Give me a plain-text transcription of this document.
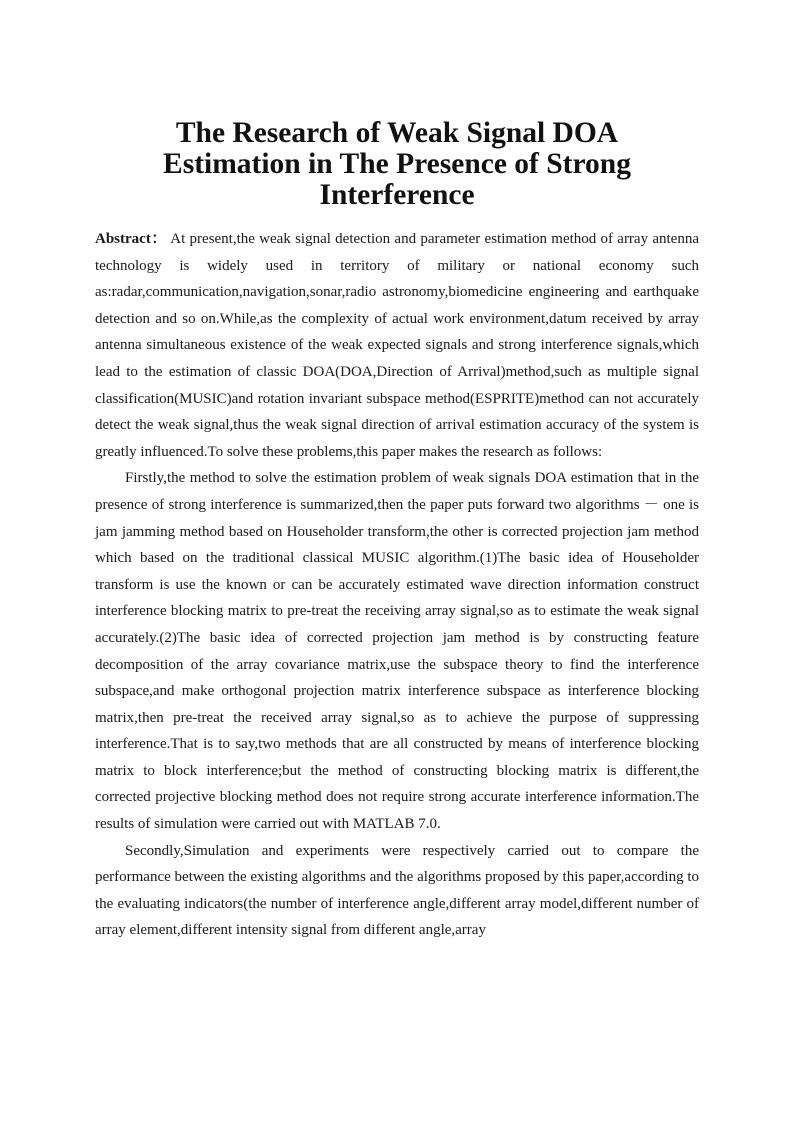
The Research of Weak Signal DOA
Estimation in The Presence of Strong
Interference

Abstract： At present,the weak signal detection and parameter estimation method of array antenna technology is widely used in territory of military or national economy such as:radar,communication,navigation,sonar,radio astronomy,biomedicine engineering and earthquake detection and so on.While,as the complexity of actual work environment,datum received by array antenna simultaneous existence of the weak expected signals and strong interference signals,which lead to the estimation of classic DOA(DOA,Direction of Arrival)method,such as multiple signal classification(MUSIC)and rotation invariant subspace method(ESPRITE)method can not accurately detect the weak signal,thus the weak signal direction of arrival estimation accuracy of the system is greatly influenced.To solve these problems,this paper makes the research as follows:

Firstly,the method to solve the estimation problem of weak signals DOA estimation that in the presence of strong interference is summarized,then the paper puts forward two algorithms － one is jam jamming method based on Householder transform,the other is corrected projection jam method which based on the traditional classical MUSIC algorithm.(1)The basic idea of Householder transform is use the known or can be accurately estimated wave direction information construct interference blocking matrix to pre-treat the receiving array signal,so as to estimate the weak signal accurately.(2)The basic idea of corrected projection jam method is by constructing feature decomposition of the array covariance matrix,use the subspace theory to find the interference subspace,and make orthogonal projection matrix interference subspace as interference blocking matrix,then pre-treat the received array signal,so as to achieve the purpose of suppressing interference.That is to say,two methods that are all constructed by means of interference blocking matrix to block interference;but the method of constructing blocking matrix is different,the corrected projective blocking method does not require strong accurate interference information.The results of simulation were carried out with MATLAB 7.0.

Secondly,Simulation and experiments were respectively carried out to compare the performance between the existing algorithms and the algorithms proposed by this paper,according to the evaluating indicators(the number of interference angle,different array model,different number of array element,different intensity signal from different angle,array
